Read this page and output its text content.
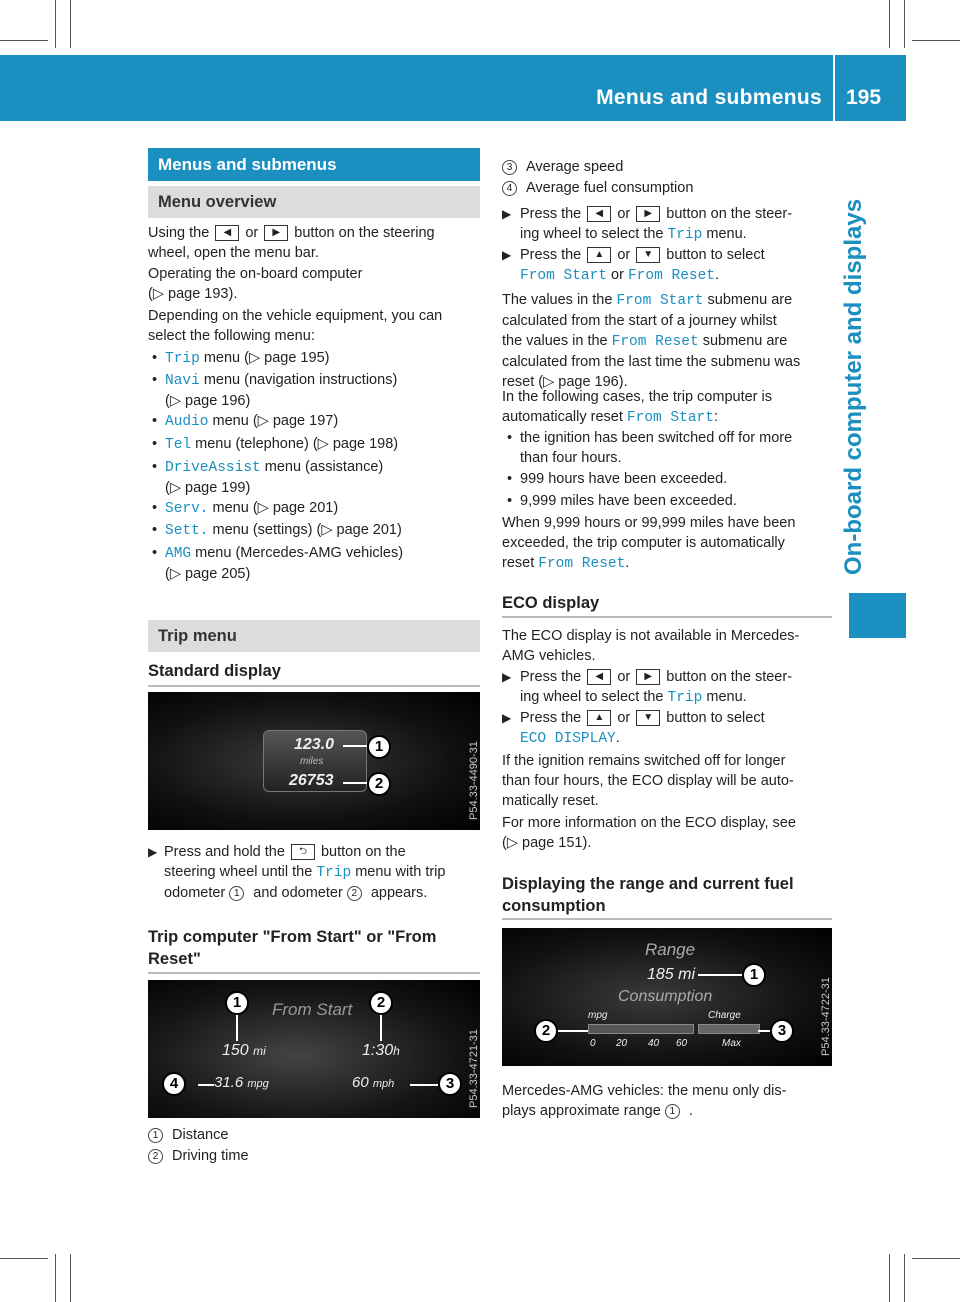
Menus and submenus 195
On-board computer and displays
Menus and submenus
Menu overview
Using the ◀ or ▶ button on the steering
wheel, open the menu bar.
Operating the on-board computer
(▷ page 193).
Depending on the vehicle equipment, you can
select the following menu:
• Trip menu (▷ page 195)
• Navi menu (navigation instructions)
(▷ page 196)
• Audio menu (▷ page 197)
• Tel menu (telephone) (▷ page 198)
• DriveAssist menu (assistance)
(▷ page 199)
• Serv. menu (▷ page 201)
• Sett. menu (settings) (▷ page 201)
• AMG menu (Mercedes-AMG vehicles)
(▷ page 205)
Trip menu
Standard display
123.0
miles
26753
1
2	P54.33-4490-31
▶ Press and hold the ⮌ button on the
steering wheel until the Trip menu with trip
odometer 1 and odometer 2 appears.
Trip computer "From Start" or "From
Reset"
From Start
150 mi	1:30h
31.6 mpg	60 mph
1	2
4	3	P54.33-4721-31
1 Distance
2 Driving time
3 Average speed
4 Average fuel consumption
▶ Press the ◀ or ▶ button on the steer-
ing wheel to select the Trip menu.
▶ Press the ▲ or ▼ button to select
From Start or From Reset.
The values in the From Start submenu are
calculated from the start of a journey whilst
the values in the From Reset submenu are
calculated from the last time the submenu was
reset (▷ page 196).
In the following cases, the trip computer is
automatically reset From Start:
• the ignition has been switched off for more
than four hours.
• 999 hours have been exceeded.
• 9,999 miles have been exceeded.
When 9,999 hours or 99,999 miles have been
exceeded, the trip computer is automatically
reset From Reset.
ECO display
The ECO display is not available in Mercedes-
AMG vehicles.
▶ Press the ◀ or ▶ button on the steer-
ing wheel to select the Trip menu.
▶ Press the ▲ or ▼ button to select
ECO DISPLAY.
If the ignition remains switched off for longer
than four hours, the ECO display will be auto-
matically reset.
For more information on the ECO display, see
(▷ page 151).
Displaying the range and current fuel
consumption
Range
185 mi
Consumption
mpg	Charge
0 20 40 60	Max
1
2	3	P54.33-4722-31
Mercedes-AMG vehicles: the menu only dis-
plays approximate range 1 .
